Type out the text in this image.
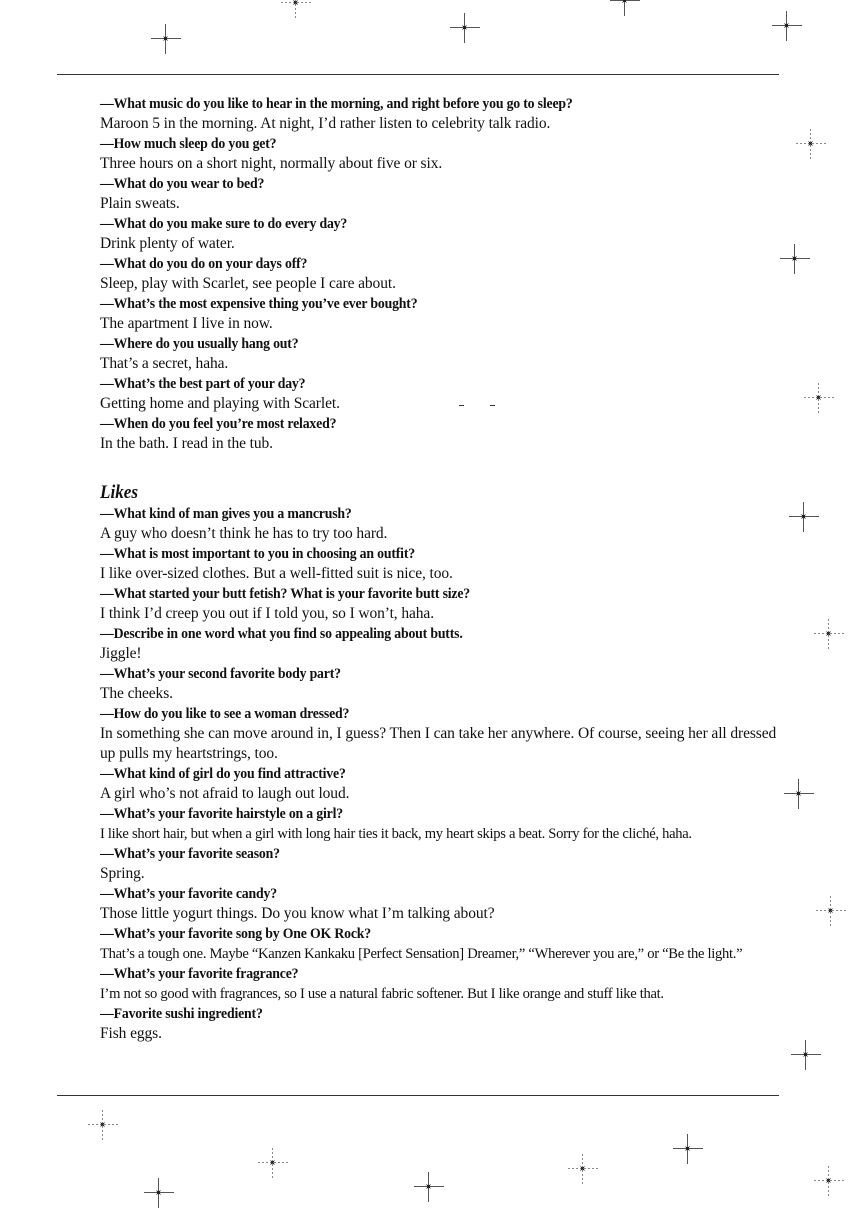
—What music do you like to hear in the morning, and right before you go to sleep?
Maroon 5 in the morning. At night, I’d rather listen to celebrity talk radio.
—How much sleep do you get?
Three hours on a short night, normally about five or six.
—What do you wear to bed?
Plain sweats.
—What do you make sure to do every day?
Drink plenty of water.
—What do you do on your days off?
Sleep, play with Scarlet, see people I care about.
—What’s the most expensive thing you’ve ever bought?
The apartment I live in now.
—Where do you usually hang out?
That’s a secret, haha.
—What’s the best part of your day?
Getting home and playing with Scarlet.
—When do you feel you’re most relaxed?
In the bath. I read in the tub.
Likes
—What kind of man gives you a mancrush?
A guy who doesn’t think he has to try too hard.
—What is most important to you in choosing an outfit?
I like over-sized clothes. But a well-fitted suit is nice, too.
—What started your butt fetish? What is your favorite butt size?
I think I’d creep you out if I told you, so I won’t, haha.
—Describe in one word what you find so appealing about butts.
Jiggle!
—What’s your second favorite body part?
The cheeks.
—How do you like to see a woman dressed?
In something she can move around in, I guess? Then I can take her anywhere. Of course, seeing her all dressed up pulls my heartstrings, too.
—What kind of girl do you find attractive?
A girl who’s not afraid to laugh out loud.
—What’s your favorite hairstyle on a girl?
I like short hair, but when a girl with long hair ties it back, my heart skips a beat. Sorry for the cliché, haha.
—What’s your favorite season?
Spring.
—What’s your favorite candy?
Those little yogurt things. Do you know what I’m talking about?
—What’s your favorite song by One OK Rock?
That’s a tough one. Maybe “Kanzen Kankaku [Perfect Sensation] Dreamer,” “Wherever you are,” or “Be the light.”
—What’s your favorite fragrance?
I’m not so good with fragrances, so I use a natural fabric softener. But I like orange and stuff like that.
—Favorite sushi ingredient?
Fish eggs.
